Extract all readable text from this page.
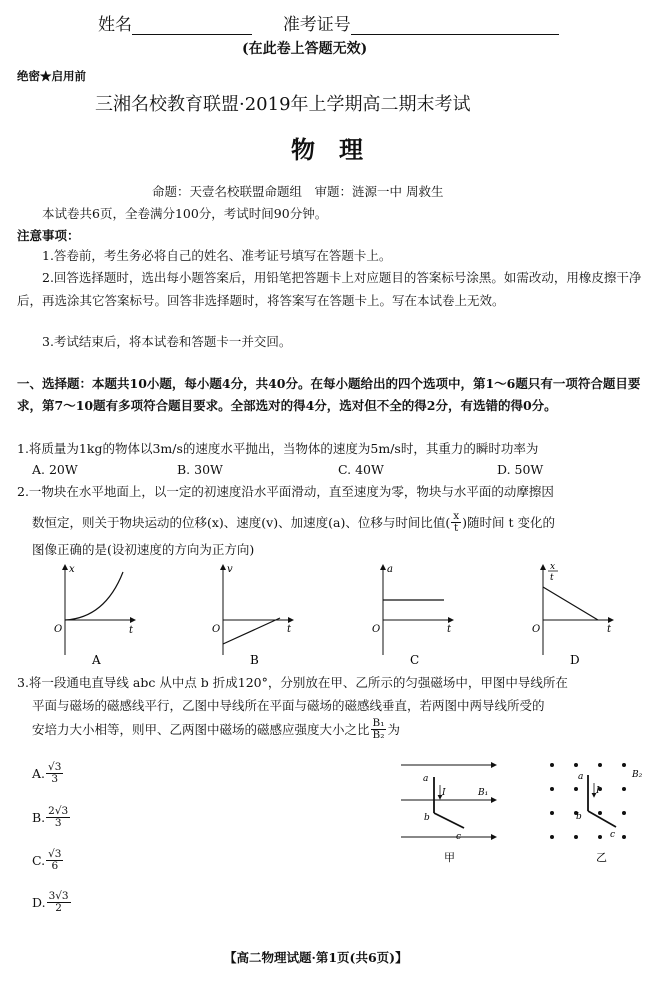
姓名	准考证号
(在此卷上答题无效)
绝密★启用前
三湘名校教育联盟·2019年上学期高二期末考试
物　理
命题：天壹名校联盟命题组　审题：涟源一中 周救生
本试卷共6页，全卷满分100分，考试时间90分钟。
注意事项：
1.答卷前，考生务必将自己的姓名、准考证号填写在答题卡上。
2.回答选择题时，选出每小题答案后，用铅笔把答题卡上对应题目的答案标号涂黑。如需改动，用橡皮擦干净后，再选涂其它答案标号。回答非选择题时，将答案写在答题卡上。写在本试卷上无效。
3.考试结束后，将本试卷和答题卡一并交回。
一、选择题：本题共10小题，每小题4分，共40分。在每小题给出的四个选项中，第1～6题只有一项符合题目要求，第7～10题有多项符合题目要求。全部选对的得4分，选对但不全的得2分，有选错的得0分。
1.将质量为1kg的物体以3m/s的速度水平抛出，当物体的速度为5m/s时，其重力的瞬时功率为
A. 20W	B. 30W	C. 40W	D. 50W
2.一物块在水平地面上，以一定的初速度沿水平面滑动，直至速度为零，物块与水平面的动摩擦因
数恒定，则关于物块运动的位移(x)、速度(v)、加速度(a)、位移与时间比值( $\frac{x}{t}$ )随时间 t 变化的
图像正确的是(设初速度的方向为正方向)
x
t
O
A
v
t
O
B
a
t
O
C
x
t
t
O
D
3.将一段通电直导线 abc 从中点 b 折成120°，分别放在甲、乙所示的匀强磁场中，甲图中导线所在
平面与磁场的磁感线平行，乙图中导线所在平面与磁场的磁感线垂直，若两图中两导线所受的
安培力大小相等，则甲、乙两图中磁场的磁感应强度大小之比 $\frac{\text{B₁}}{\text{B₂}}$ 为
A. $\frac{√3}{3}$
B. $\frac{2√3}{3}$
C. $\frac{√3}{6}$
D. $\frac{3√3}{2}$
a
I	B₁
b
c
甲
a
I
B₂
b
c
乙
【高二物理试题·第1页(共6页)】
